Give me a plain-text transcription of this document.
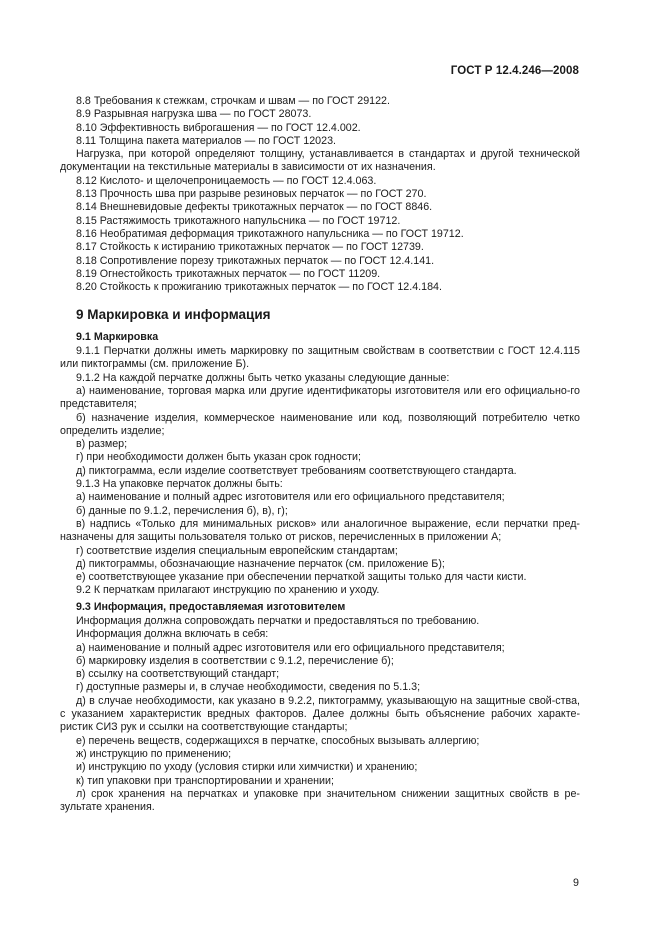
ГОСТ Р 12.4.246—2008

8.8 Требования к стежкам, строчкам и швам — по ГОСТ 29122.

8.9 Разрывная нагрузка шва — по ГОСТ 28073.

8.10 Эффективность виброгашения — по ГОСТ 12.4.002.

8.11 Толщина пакета материалов — по ГОСТ 12023.

Нагрузка, при которой определяют толщину, устанавливается в стандартах и другой технической документации на текстильные материалы в зависимости от их назначения.

8.12 Кислото- и щелочепроницаемость — по ГОСТ 12.4.063.

8.13 Прочность шва при разрыве резиновых перчаток — по ГОСТ 270.

8.14 Внешневидовые дефекты трикотажных перчаток — по ГОСТ 8846.

8.15 Растяжимость трикотажного напульсника — по ГОСТ 19712.

8.16 Необратимая деформация трикотажного напульсника — по ГОСТ 19712.

8.17 Стойкость к истиранию трикотажных перчаток — по ГОСТ 12739.

8.18 Сопротивление порезу трикотажных перчаток — по ГОСТ 12.4.141.

8.19 Огнестойкость трикотажных перчаток — по ГОСТ 11209.

8.20 Стойкость к прожиганию трикотажных перчаток — по ГОСТ 12.4.184.

9 Маркировка и информация
9.1 Маркировка

9.1.1 Перчатки должны иметь маркировку по защитным свойствам в соответствии с ГОСТ 12.4.115 или пиктограммы (см. приложение Б).

9.1.2 На каждой перчатке должны быть четко указаны следующие данные:

а) наименование, торговая марка или другие идентификаторы изготовителя или его официально-го представителя;

б) назначение изделия, коммерческое наименование или код, позволяющий потребителю четко определить изделие;

в) размер;

г) при необходимости должен быть указан срок годности;

д) пиктограмма, если изделие соответствует требованиям соответствующего стандарта.

9.1.3 На упаковке перчаток должны быть:

а) наименование и полный адрес изготовителя или его официального представителя;

б) данные по 9.1.2, перечисления б), в), г);

в) надпись «Только для минимальных рисков» или аналогичное выражение, если перчатки пред-назначены для защиты пользователя только от рисков, перечисленных в приложении А;

г) соответствие изделия специальным европейским стандартам;

д) пиктограммы, обозначающие назначение перчаток (см. приложение Б);

е) соответствующее указание при обеспечении перчаткой защиты только для части кисти.

9.2 К перчаткам прилагают инструкцию по хранению и уходу.

9.3 Информация, предоставляемая изготовителем

Информация должна сопровождать перчатки и предоставляться по требованию.

Информация должна включать в себя:

а) наименование и полный адрес изготовителя или его официального представителя;

б) маркировку изделия в соответствии с 9.1.2, перечисление б);

в) ссылку на соответствующий стандарт;

г) доступные размеры и, в случае необходимости, сведения по 5.1.3;

д) в случае необходимости, как указано в 9.2.2, пиктограмму, указывающую на защитные свой-ства, с указанием характеристик вредных факторов. Далее должны быть объяснение рабочих характе-ристик СИЗ рук и ссылки на соответствующие стандарты;

е) перечень веществ, содержащихся в перчатке, способных вызывать аллергию;

ж) инструкцию по применению;

и) инструкцию по уходу (условия стирки или химчистки) и хранению;

к) тип упаковки при транспортировании и хранении;

л) срок хранения на перчатках и упаковке при значительном снижении защитных свойств в ре-зультате хранения.

9
